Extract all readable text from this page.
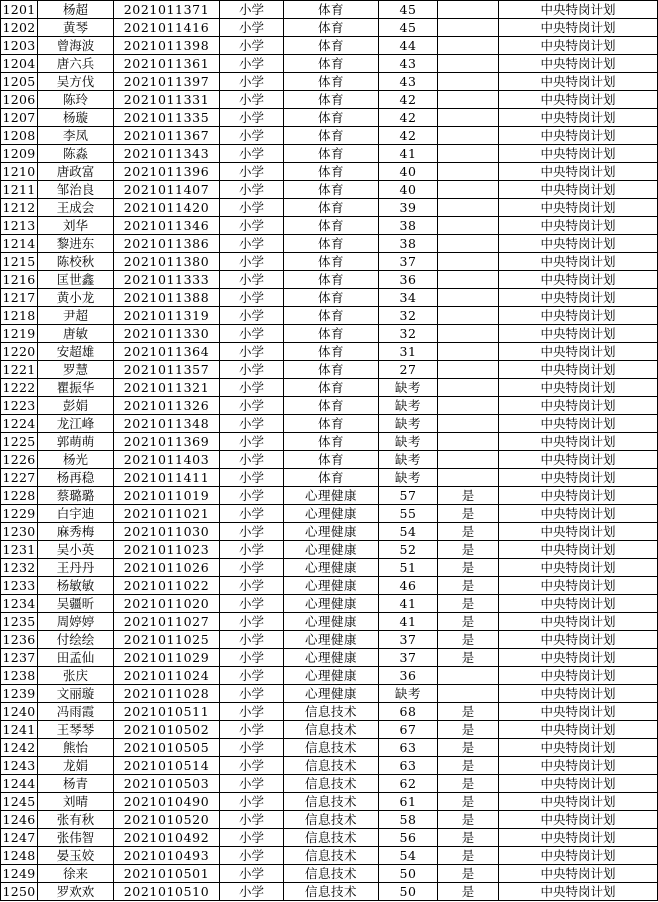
1201	杨超	2021011371	小学	体育	45		中央特岗计划
1202	黄琴	2021011416	小学	体育	45		中央特岗计划
1203	曾海波	2021011398	小学	体育	44		中央特岗计划
1204	唐六兵	2021011361	小学	体育	43		中央特岗计划
1205	吴方伐	2021011397	小学	体育	43		中央特岗计划
1206	陈玲	2021011331	小学	体育	42		中央特岗计划
1207	杨璇	2021011335	小学	体育	42		中央特岗计划
1208	李凤	2021011367	小学	体育	42		中央特岗计划
1209	陈淼	2021011343	小学	体育	41		中央特岗计划
1210	唐政富	2021011396	小学	体育	40		中央特岗计划
1211	邹治良	2021011407	小学	体育	40		中央特岗计划
1212	王成会	2021011420	小学	体育	39		中央特岗计划
1213	刘华	2021011346	小学	体育	38		中央特岗计划
1214	黎进东	2021011386	小学	体育	38		中央特岗计划
1215	陈校秋	2021011380	小学	体育	37		中央特岗计划
1216	匡世鑫	2021011333	小学	体育	36		中央特岗计划
1217	黄小龙	2021011388	小学	体育	34		中央特岗计划
1218	尹超	2021011319	小学	体育	32		中央特岗计划
1219	唐敏	2021011330	小学	体育	32		中央特岗计划
1220	安超雄	2021011364	小学	体育	31		中央特岗计划
1221	罗慧	2021011357	小学	体育	27		中央特岗计划
1222	瞿振华	2021011321	小学	体育	缺考		中央特岗计划
1223	彭娟	2021011326	小学	体育	缺考		中央特岗计划
1224	龙江峰	2021011348	小学	体育	缺考		中央特岗计划
1225	郭萌萌	2021011369	小学	体育	缺考		中央特岗计划
1226	杨光	2021011403	小学	体育	缺考		中央特岗计划
1227	杨再稳	2021011411	小学	体育	缺考		中央特岗计划
1228	蔡璐璐	2021011019	小学	心理健康	57	是	中央特岗计划
1229	白宇迪	2021011021	小学	心理健康	55	是	中央特岗计划
1230	麻秀梅	2021011030	小学	心理健康	54	是	中央特岗计划
1231	吴小英	2021011023	小学	心理健康	52	是	中央特岗计划
1232	王丹丹	2021011026	小学	心理健康	51	是	中央特岗计划
1233	杨敏敏	2021011022	小学	心理健康	46	是	中央特岗计划
1234	吴疆昕	2021011020	小学	心理健康	41	是	中央特岗计划
1235	周婷婷	2021011027	小学	心理健康	41	是	中央特岗计划
1236	付绘绘	2021011025	小学	心理健康	37	是	中央特岗计划
1237	田孟仙	2021011029	小学	心理健康	37	是	中央特岗计划
1238	张庆	2021011024	小学	心理健康	36		中央特岗计划
1239	文丽璇	2021011028	小学	心理健康	缺考		中央特岗计划
1240	冯雨霞	2021010511	小学	信息技术	68	是	中央特岗计划
1241	王琴琴	2021010502	小学	信息技术	67	是	中央特岗计划
1242	熊怡	2021010505	小学	信息技术	63	是	中央特岗计划
1243	龙娟	2021010514	小学	信息技术	63	是	中央特岗计划
1244	杨青	2021010503	小学	信息技术	62	是	中央特岗计划
1245	刘晴	2021010490	小学	信息技术	61	是	中央特岗计划
1246	张有秋	2021010520	小学	信息技术	58	是	中央特岗计划
1247	张伟智	2021010492	小学	信息技术	56	是	中央特岗计划
1248	晏玉姣	2021010493	小学	信息技术	54	是	中央特岗计划
1249	徐来	2021010501	小学	信息技术	50	是	中央特岗计划
1250	罗欢欢	2021010510	小学	信息技术	50	是	中央特岗计划
